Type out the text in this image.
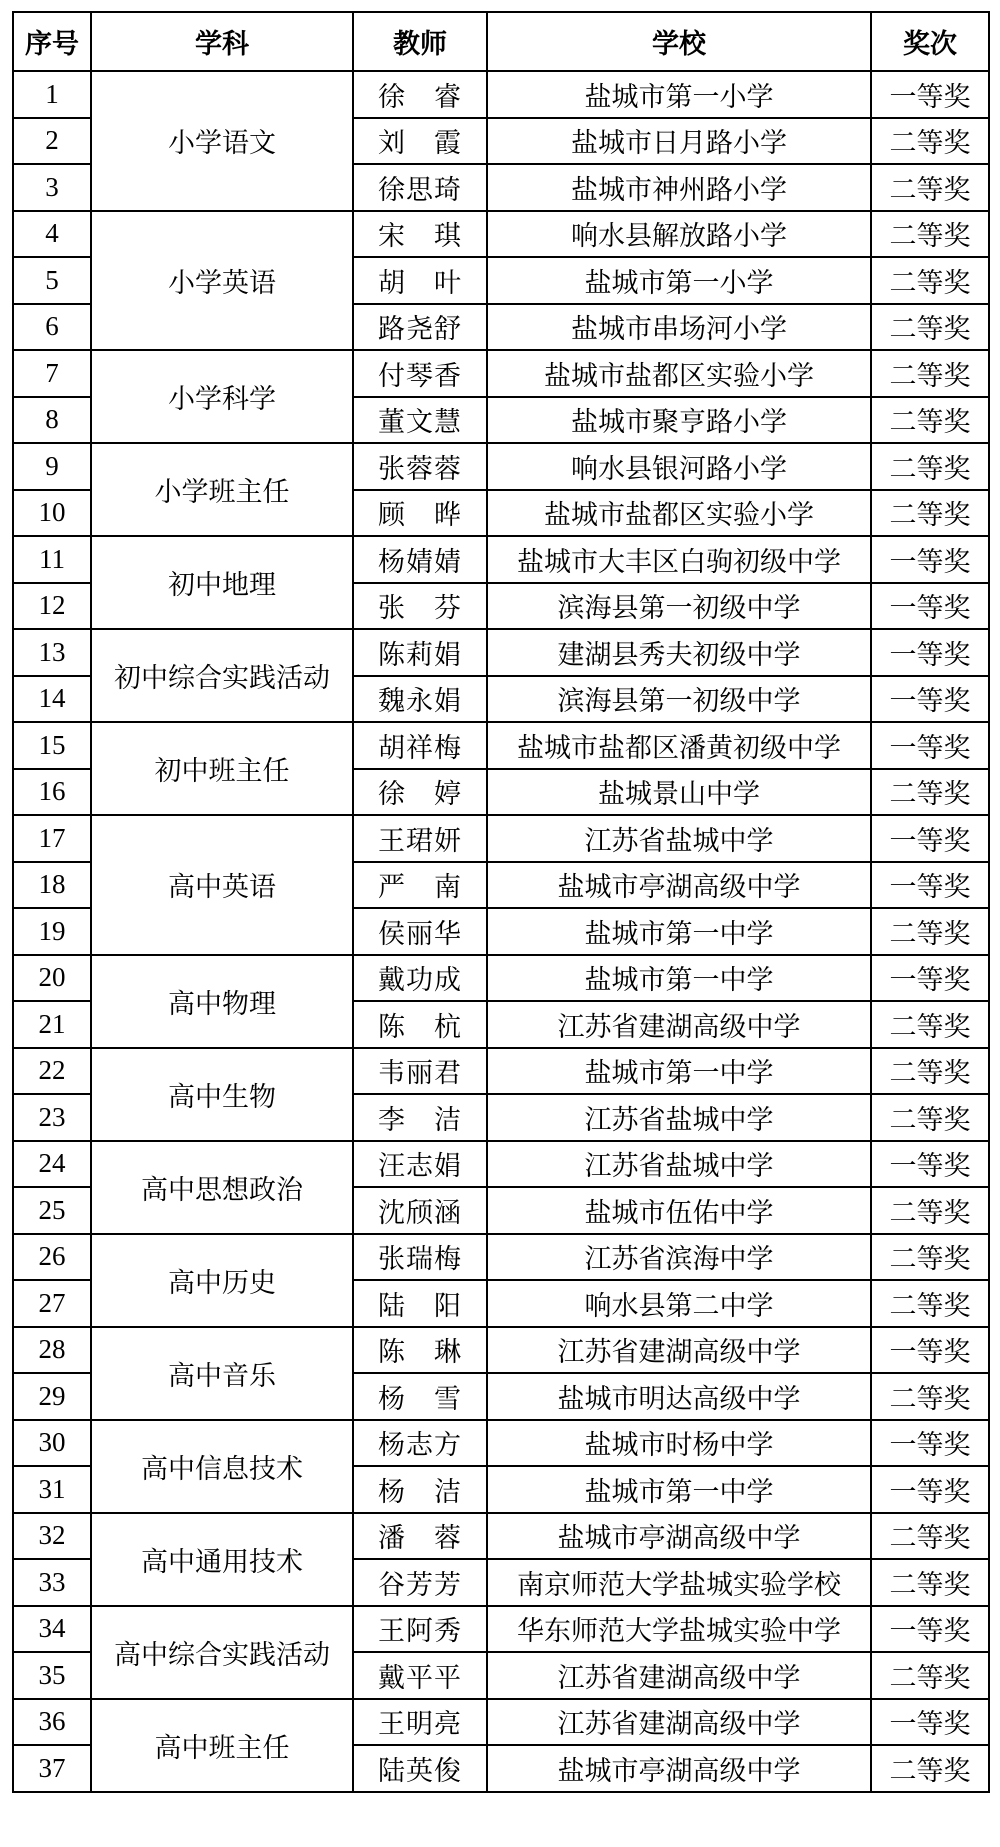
序号	学科	教师	学校	奖次
1	小学语文	徐　睿	盐城市第一小学	一等奖
2		刘　霞	盐城市日月路小学	二等奖
3		徐思琦	盐城市神州路小学	二等奖
4	小学英语	宋　琪	响水县解放路小学	二等奖
5		胡　叶	盐城市第一小学	二等奖
6		路尧舒	盐城市串场河小学	二等奖
7	小学科学	付琴香	盐城市盐都区实验小学	二等奖
8		董文慧	盐城市聚亨路小学	二等奖
9	小学班主任	张蓉蓉	响水县银河路小学	二等奖
10		顾　晔	盐城市盐都区实验小学	二等奖
11	初中地理	杨婧婧	盐城市大丰区白驹初级中学	一等奖
12		张　芬	滨海县第一初级中学	一等奖
13	初中综合实践活动	陈莉娟	建湖县秀夫初级中学	一等奖
14		魏永娟	滨海县第一初级中学	一等奖
15	初中班主任	胡祥梅	盐城市盐都区潘黄初级中学	一等奖
16		徐　婷	盐城景山中学	二等奖
17	高中英语	王珺妍	江苏省盐城中学	一等奖
18		严　南	盐城市亭湖高级中学	一等奖
19		侯丽华	盐城市第一中学	二等奖
20	高中物理	戴功成	盐城市第一中学	一等奖
21		陈　杭	江苏省建湖高级中学	二等奖
22	高中生物	韦丽君	盐城市第一中学	二等奖
23		李　洁	江苏省盐城中学	二等奖
24	高中思想政治	汪志娟	江苏省盐城中学	一等奖
25		沈颀涵	盐城市伍佑中学	二等奖
26	高中历史	张瑞梅	江苏省滨海中学	二等奖
27		陆　阳	响水县第二中学	二等奖
28	高中音乐	陈　琳	江苏省建湖高级中学	一等奖
29		杨　雪	盐城市明达高级中学	二等奖
30	高中信息技术	杨志方	盐城市时杨中学	一等奖
31		杨　洁	盐城市第一中学	一等奖
32	高中通用技术	潘　蓉	盐城市亭湖高级中学	二等奖
33		谷芳芳	南京师范大学盐城实验学校	二等奖
34	高中综合实践活动	王阿秀	华东师范大学盐城实验中学	一等奖
35		戴平平	江苏省建湖高级中学	二等奖
36	高中班主任	王明亮	江苏省建湖高级中学	一等奖
37		陆英俊	盐城市亭湖高级中学	二等奖
